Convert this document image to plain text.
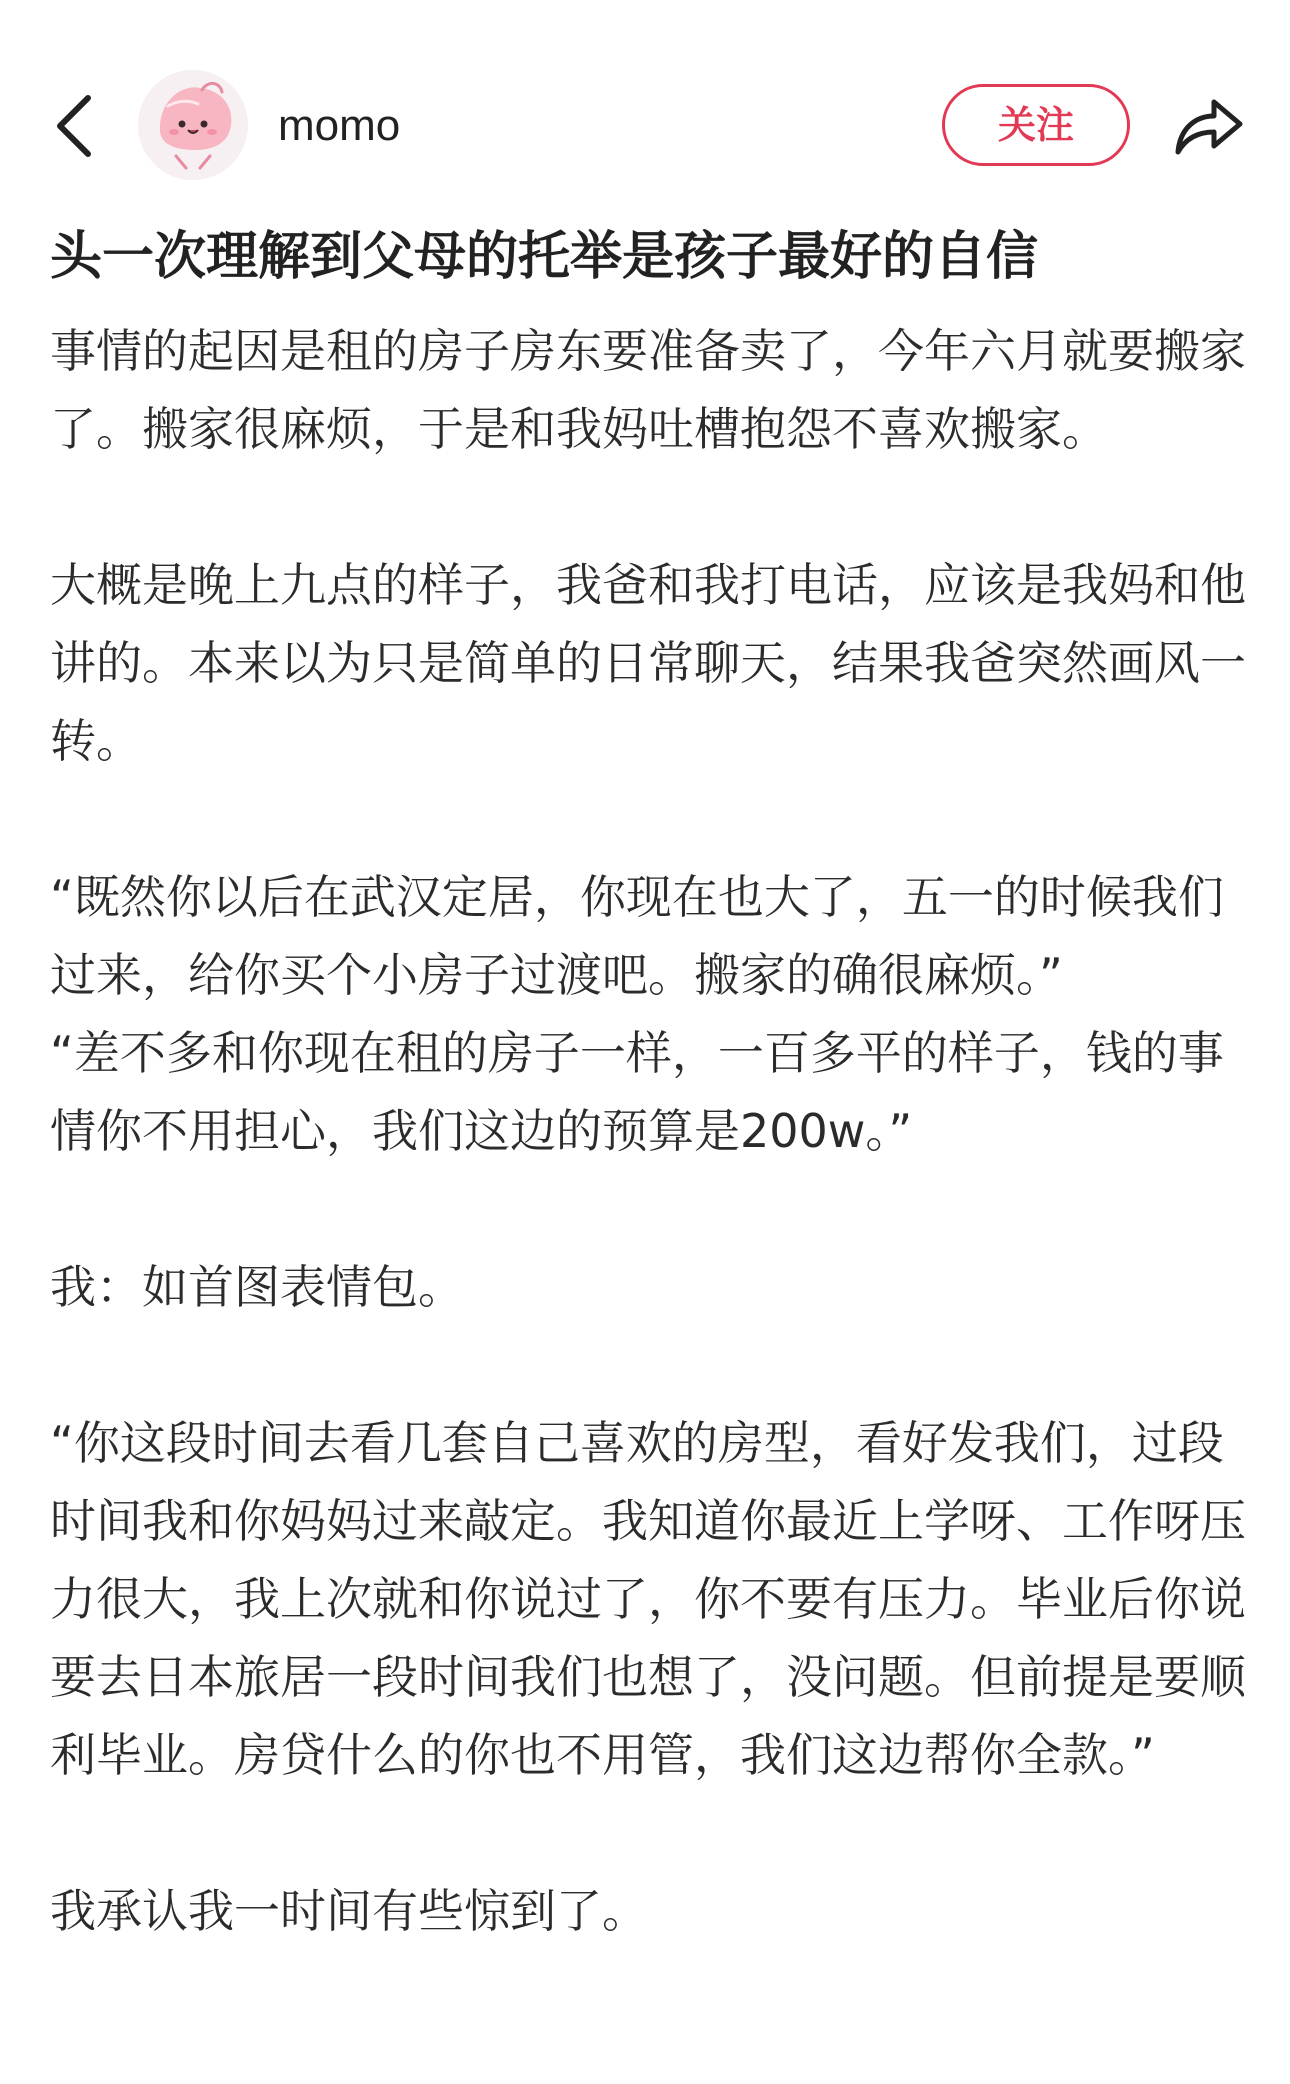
momo	关注
头一次理解到父母的托举是孩子最好的自信

事情的起因是租的房子房东要准备卖了，今年六月就要搬家了。搬家很麻烦，于是和我妈吐槽抱怨不喜欢搬家。

大概是晚上九点的样子，我爸和我打电话，应该是我妈和他讲的。本来以为只是简单的日常聊天，结果我爸突然画风一转。

“既然你以后在武汉定居，你现在也大了，五一的时候我们过来，给你买个小房子过渡吧。搬家的确很麻烦。”

“差不多和你现在租的房子一样，一百多平的样子，钱的事情你不用担心，我们这边的预算是200w。”

我：如首图表情包。

“你这段时间去看几套自己喜欢的房型，看好发我们，过段时间我和你妈妈过来敲定。我知道你最近上学呀、工作呀压力很大，我上次就和你说过了，你不要有压力。毕业后你说要去日本旅居一段时间我们也想了，没问题。但前提是要顺利毕业。房贷什么的你也不用管，我们这边帮你全款。”

我承认我一时间有些惊到了。
